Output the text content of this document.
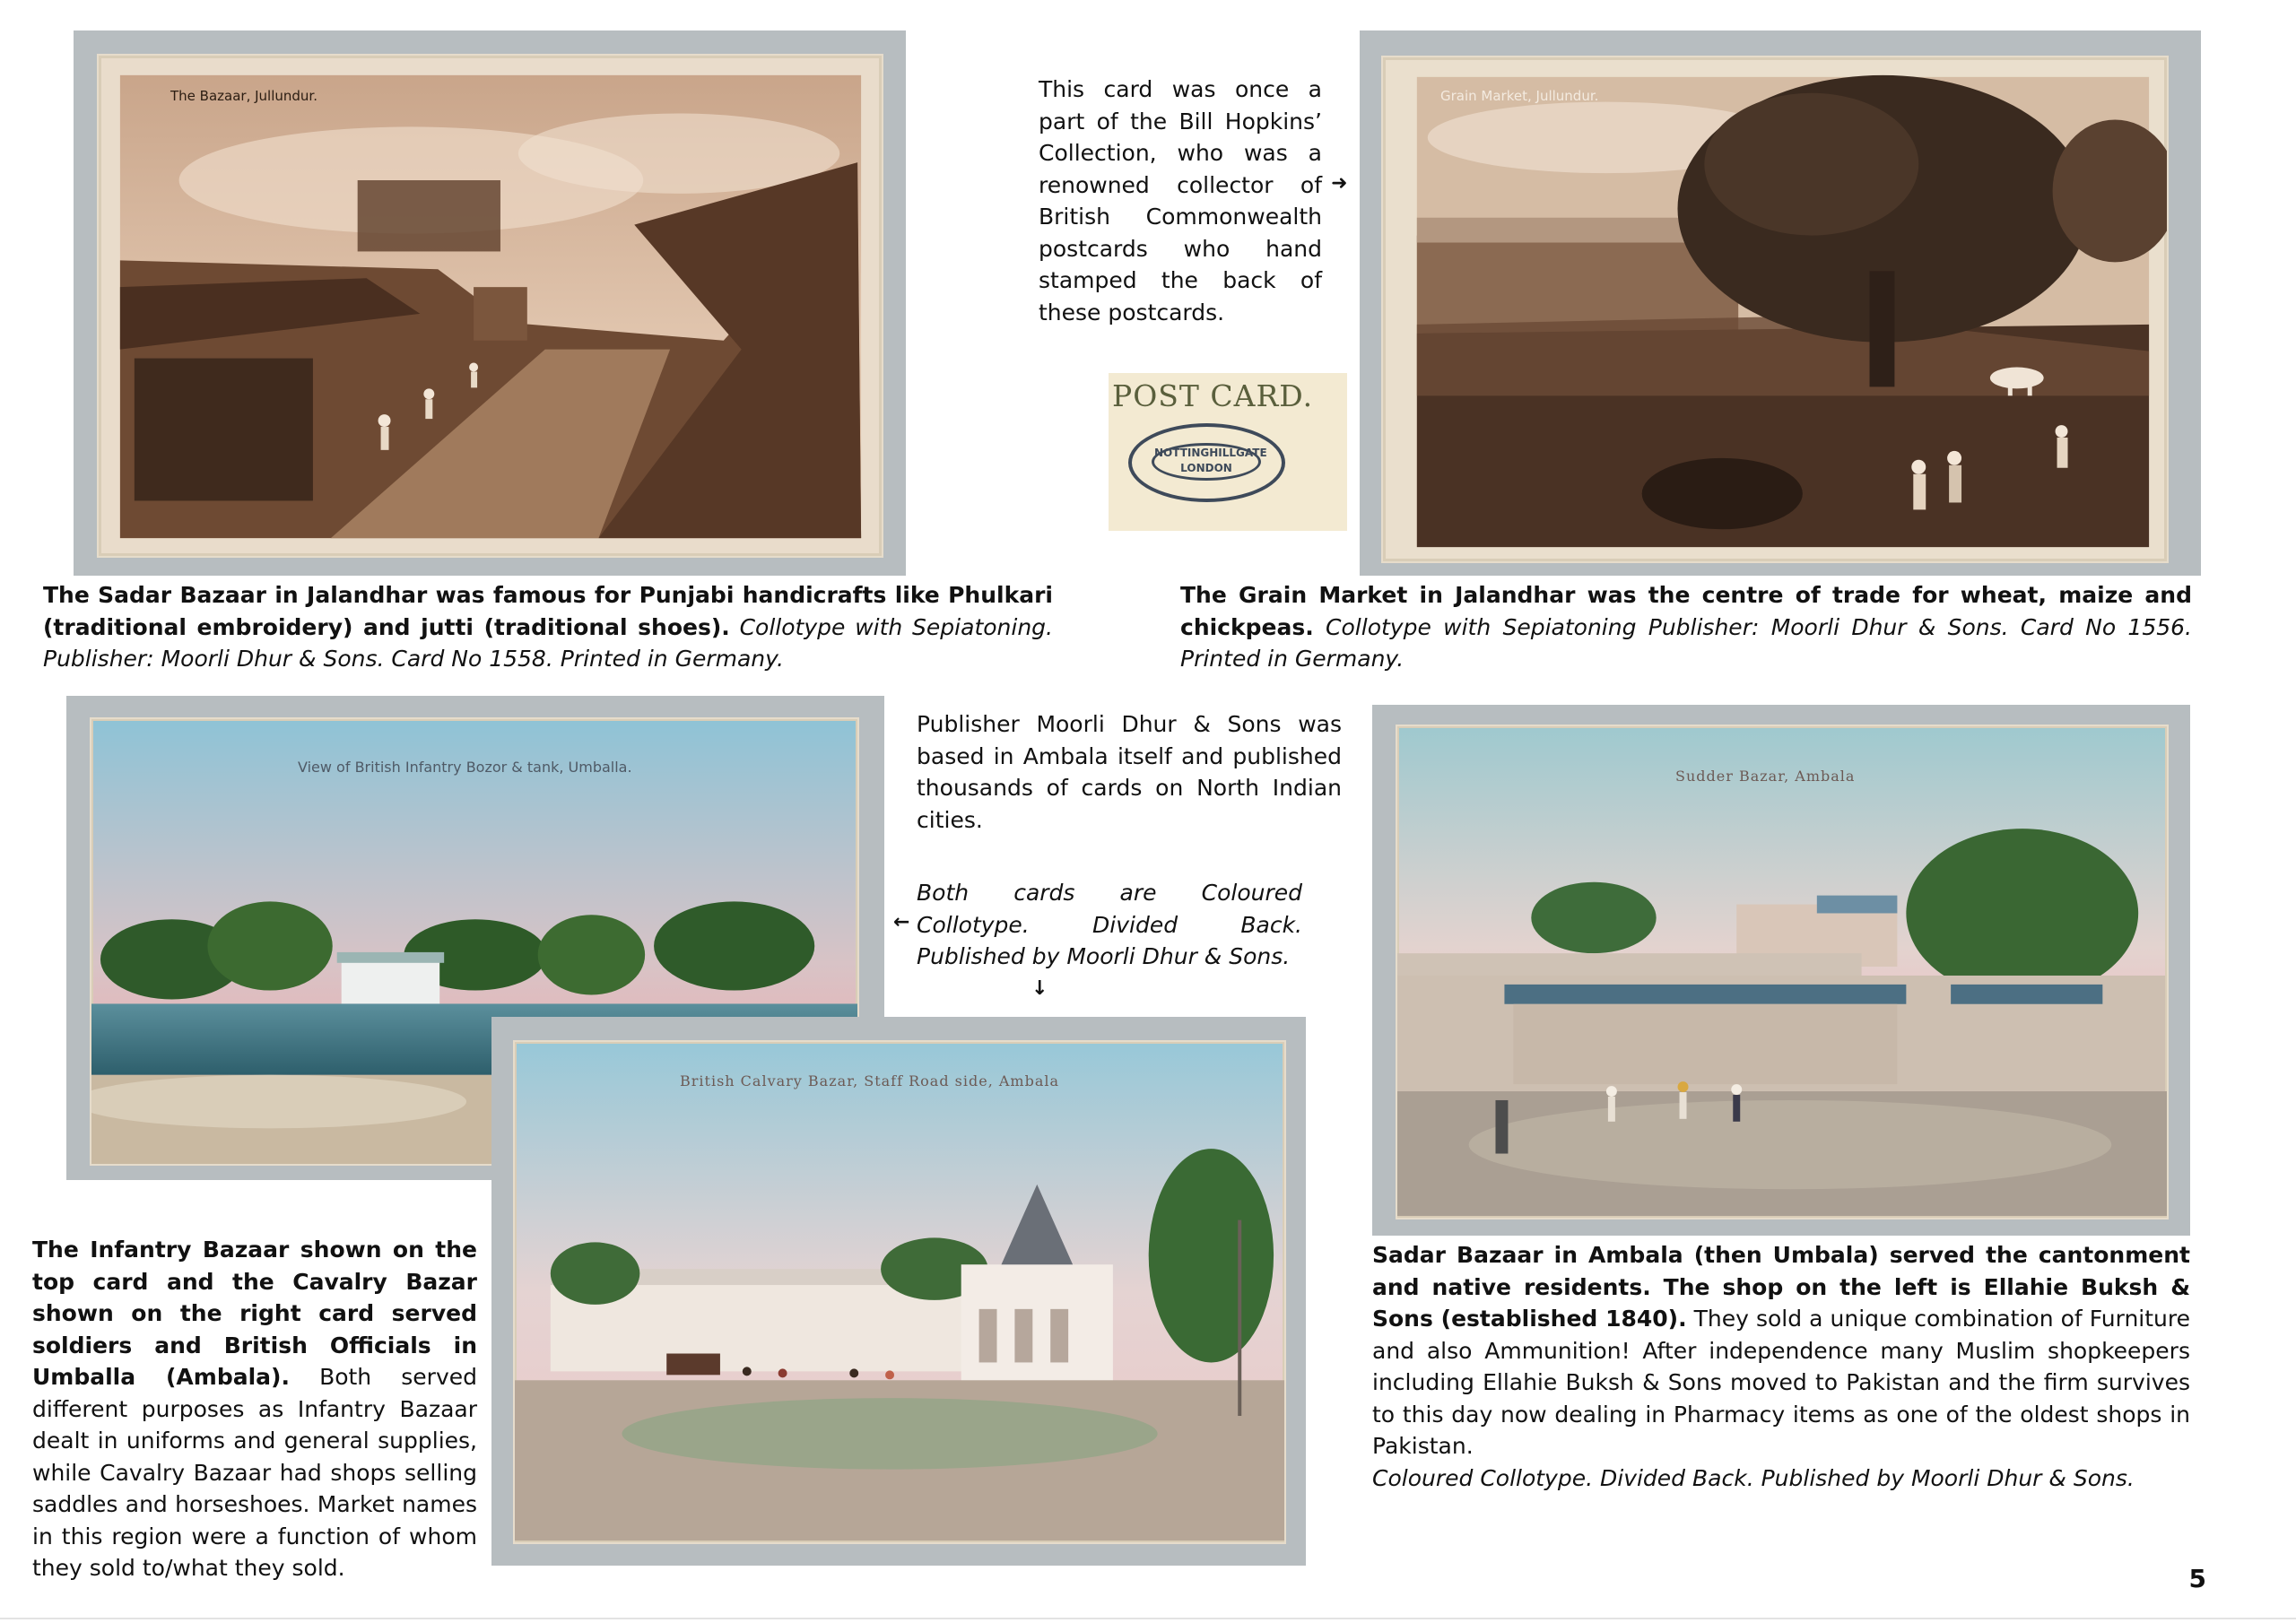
The Bazaar, Jullundur.	This card was once a part of the Bill Hopkins’ Collection, who was a renowned collector of British Commonwealth postcards who hand stamped the back of these postcards.
➜
POST CARD.
NOTTINGHILLGATE
LONDON
Grain Market, Jullundur.
The Sadar Bazaar in Jalandhar was famous for Punjabi handicrafts like Phulkari (traditional embroidery) and jutti (traditional shoes). Collotype with Sepiatoning. Publisher: Moorli Dhur & Sons. Card No 1558. Printed in Germany.
The Grain Market in Jalandhar was the centre of trade for wheat, maize and chickpeas. Collotype with Sepiatoning Publisher: Moorli Dhur & Sons. Card No 1556. Printed in Germany.
View of British Infantry Bozor & tank, Umballa.
Publisher Moorli Dhur & Sons was based in Ambala itself and published thousands of cards on North Indian cities.
←
Both cards are Coloured Collotype. Divided Back. Published by Moorli Dhur & Sons.
↓
British Calvary Bazar, Staff Road side, Ambala
The Infantry Bazaar shown on the top card and the Cavalry Bazar shown on the right card served soldiers and British Officials in Umballa (Ambala). Both served different purposes as Infantry Bazaar dealt in uniforms and general supplies, while Cavalry Bazaar had shops selling saddles and horseshoes. Market names in this region were a function of whom they sold to/what they sold.
Sudder Bazar, Ambala
Sadar Bazaar in Ambala (then Umbala) served the cantonment and native residents. The shop on the left is Ellahie Buksh & Sons (established 1840). They sold a unique combination of Furniture and also Ammunition! After independence many Muslim shopkeepers including Ellahie Buksh & Sons moved to Pakistan and the firm survives to this day now dealing in Pharmacy items as one of the oldest shops in Pakistan.
Coloured Collotype. Divided Back. Published by Moorli Dhur & Sons.
5
